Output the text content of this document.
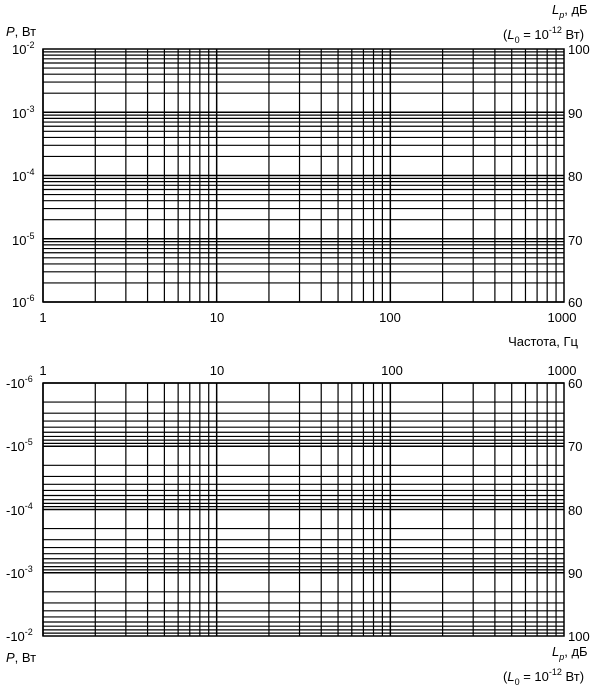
P, Вт
$10^{-2}$
$10^{-3}$
$10^{-4}$
$10^{-5}$
$10^{-6}$
$L_p$, дБ
($L_0 = 10^{-12}$ Вт)
100
90
80
70
60
1	10	100	1000
Частота, Гц
1	10	100	1000
$-10^{-6}$
$-10^{-5}$
$-10^{-4}$
$-10^{-3}$
$-10^{-2}$
60
70
80
90
100
P, Вт	$L_p$, дБ
($L_0 = 10^{-12}$ Вт)
